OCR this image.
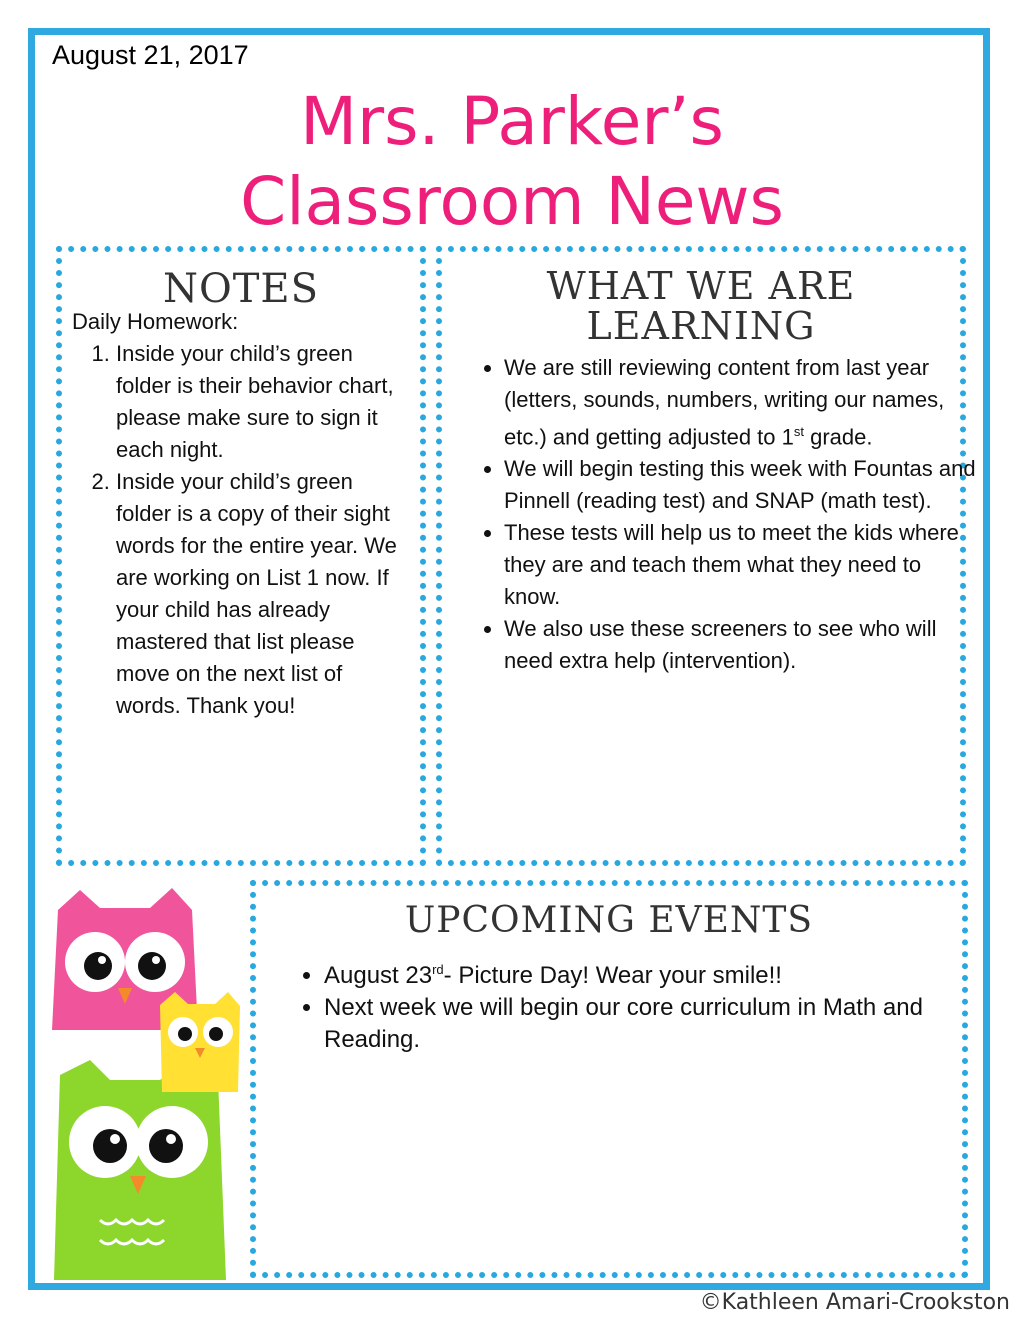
August 21, 2017
Mrs. Parker’s
Classroom News
NOTES
Daily Homework:
1. Inside your child’s green folder is their behavior chart, please make sure to sign it each night.
2. Inside your child’s green folder is a copy of their sight words for the entire year. We are working on List 1 now. If your child has already mastered that list please move on the next list of words. Thank you!
WHAT WE ARE
LEARNING
• We are still reviewing content from last year (letters, sounds, numbers, writing our names, etc.) and getting adjusted to 1st grade.
• We will begin testing this week with Fountas and Pinnell (reading test) and SNAP (math test).
• These tests will help us to meet the kids where they are and teach them what they need to know.
• We also use these screeners to see who will need extra help (intervention).
UPCOMING EVENTS
• August 23rd- Picture Day! Wear your smile!!
• Next week we will begin our core curriculum in Math and Reading.
©Kathleen Amari-Crookston
